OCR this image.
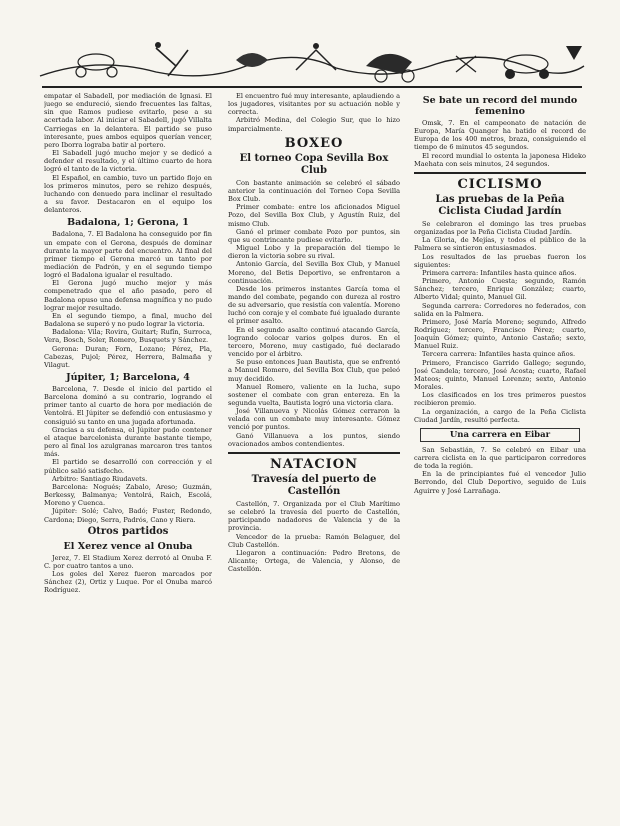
empatar el Sabadell, por mediación de Ignasi. El juego se endureció, siendo frecuentes las faltas, sin que Ramos pudiese evitarlo, pese a su acertada labor. Al iniciar el Sabadell, jugó Villalta Carriegas en la delantera. El partido se puso interesante, pues ambos equipos querían vencer, pero Iborra lograba batir al portero.

El Sabadell jugó mucho mejor y se dedicó a defender el resultado, y el último cuarto de hora logró el tanto de la victoria.

El Español, en cambio, tuvo un partido flojo en los primeros minutos, pero se rehizo después, luchando con denuedo para inclinar el resultado a su favor. Destacaron en el equipo los delanteros.

Badalona, 1; Gerona, 1

Badalona, 7. El Badalona ha conseguido por fin un empate con el Gerona, después de dominar durante la mayor parte del encuentro. Al final del primer tiempo el Gerona marcó un tanto por mediación de Padrón, y en el segundo tiempo logró el Badalona igualar el resultado.

El Gerona jugó mucho mejor y más compenetrado que el año pasado, pero el Badalona opuso una defensa magnífica y no pudo lograr mejor resultado.

En el segundo tiempo, a final, mucho del Badalona se superó y no pudo lograr la victoria.

Badalona: Vila; Rovira, Guitart; Rufín, Surroca, Vera, Bosch, Soler, Romero, Busquets y Sánchez.

Gerona: Duran; Forn, Lozano; Pérez, Pla, Cabezas, Pujol; Pérez, Herrera, Balmaña y Vilagut.

Júpiter, 1; Barcelona, 4

Barcelona, 7. Desde el inicio del partido el Barcelona dominó a su contrario, logrando el primer tanto al cuarto de hora por mediación de Ventolrá. El Júpiter se defendió con entusiasmo y consiguió su tanto en una jugada afortunada.

Gracias a su defensa, el Júpiter pudo contener el ataque barcelonista durante bastante tiempo, pero al final los azulgranas marcaron tres tantos más.

El partido se desarrolló con corrección y el público salió satisfecho.

Arbitro: Santiago Riudavets.

Barcelona: Nogués; Zabalo, Areso; Guzmán, Berkessy, Balmanya; Ventolrá, Raich, Escolá, Moreno y Cuenca.

Júpiter: Solé; Calvo, Badó; Fuster, Redondo, Cardona; Diego, Serra, Padrós, Cano y Riera.

Otros partidos
El Xerez vence al Onuba

Jerez, 7. El Stadium Xerez derrotó al Onuba F. C. por cuatro tantos a uno.

Los goles del Xerez fueron marcados por Sánchez (2), Ortiz y Luque. Por el Onuba marcó Rodríguez.

El encuentro fué muy interesante, aplaudiendo a los jugadores, visitantes por su actuación noble y correcta.

Arbitró Medina, del Colegio Sur, que lo hizo imparcialmente.

BOXEO
El torneo Copa Sevilla Box Club

Con bastante animación se celebró el sábado anterior la continuación del Torneo Copa Sevilla Box Club.

Primer combate: entre los aficionados Miguel Pozo, del Sevilla Box Club, y Agustín Ruiz, del mismo Club.

Ganó el primer combate Pozo por puntos, sin que su contrincante pudiese evitarlo.

Miguel Lobo y la preparación del tiempo le dieron la victoria sobre su rival.

Antonio García, del Sevilla Box Club, y Manuel Moreno, del Betis Deportivo, se enfrentaron a continuación.

Desde los primeros instantes García toma el mando del combate, pegando con dureza al rostro de su adversario, que resistía con valentía. Moreno luchó con coraje y el combate fué igualado durante el primer asalto.

En el segundo asalto continuó atacando García, logrando colocar varios golpes duros. En el tercero, Moreno, muy castigado, fué declarado vencido por el árbitro.

Se puso entonces Juan Bautista, que se enfrentó a Manuel Romero, del Sevilla Box Club, que peleó muy decidido.

Manuel Romero, valiente en la lucha, supo sostener el combate con gran entereza. En la segunda vuelta, Bautista logró una victoria clara.

José Villanueva y Nicolás Gómez cerraron la velada con un combate muy interesante. Gómez venció por puntos.

Ganó Villanueva a los puntos, siendo ovacionados ambos contendientes.

NATACION
Travesía del puerto de Castellón

Castellón, 7. Organizada por el Club Marítimo se celebró la travesía del puerto de Castellón, participando nadadores de Valencia y de la provincia.

Vencedor de la prueba: Ramón Belaguer, del Club Castellón.

Llegaron a continuación: Pedro Bretons, de Alicante; Ortega, de Valencia, y Alonso, de Castellón.

Se bate un record del mundo femenino

Omsk, 7. En el campeonato de natación de Europa, María Quanger ha batido el record de Europa de los 400 metros, braza, consiguiendo el tiempo de 6 minutos 45 segundos.

El record mundial lo ostenta la japonesa Hideko Maehata con seis minutos, 24 segundos.

CICLISMO
Las pruebas de la Peña Ciclista Ciudad Jardín

Se celebraron el domingo las tres pruebas organizadas por la Peña Ciclista Ciudad Jardín.

La Gloria, de Mejías, y todos el público de la Palmera se sintieron entusiasmados.

Los resultados de las pruebas fueron los siguientes:

Primera carrera: Infantiles hasta quince años.

Primero, Antonio Cuesta; segundo, Ramón Sánchez; tercero, Enrique González; cuarto, Alberto Vidal; quinto, Manuel Gil.

Segunda carrera: Corredores no federados, con salida en la Palmera.

Primero, José María Moreno; segundo, Alfredo Rodríguez; tercero, Francisco Pérez; cuarto, Joaquín Gómez; quinto, Antonio Castaño; sexto, Manuel Ruiz.

Tercera carrera: Infantiles hasta quince años.

Primero, Francisco Garrido Gallego; segundo, José Candela; tercero, José Acosta; cuarto, Rafael Mateos; quinto, Manuel Lorenzo; sexto, Antonio Morales.

Los clasificados en los tres primeros puestos recibieron premio.

La organización, a cargo de la Peña Ciclista Ciudad Jardín, resultó perfecta.

Una carrera en Eibar

San Sebastián, 7. Se celebró en Eibar una carrera ciclista en la que participaron corredores de toda la región.

En la de principiantes fué el vencedor Julio Berrondo, del Club Deportivo, seguido de Luis Aguirre y José Larrañaga.
